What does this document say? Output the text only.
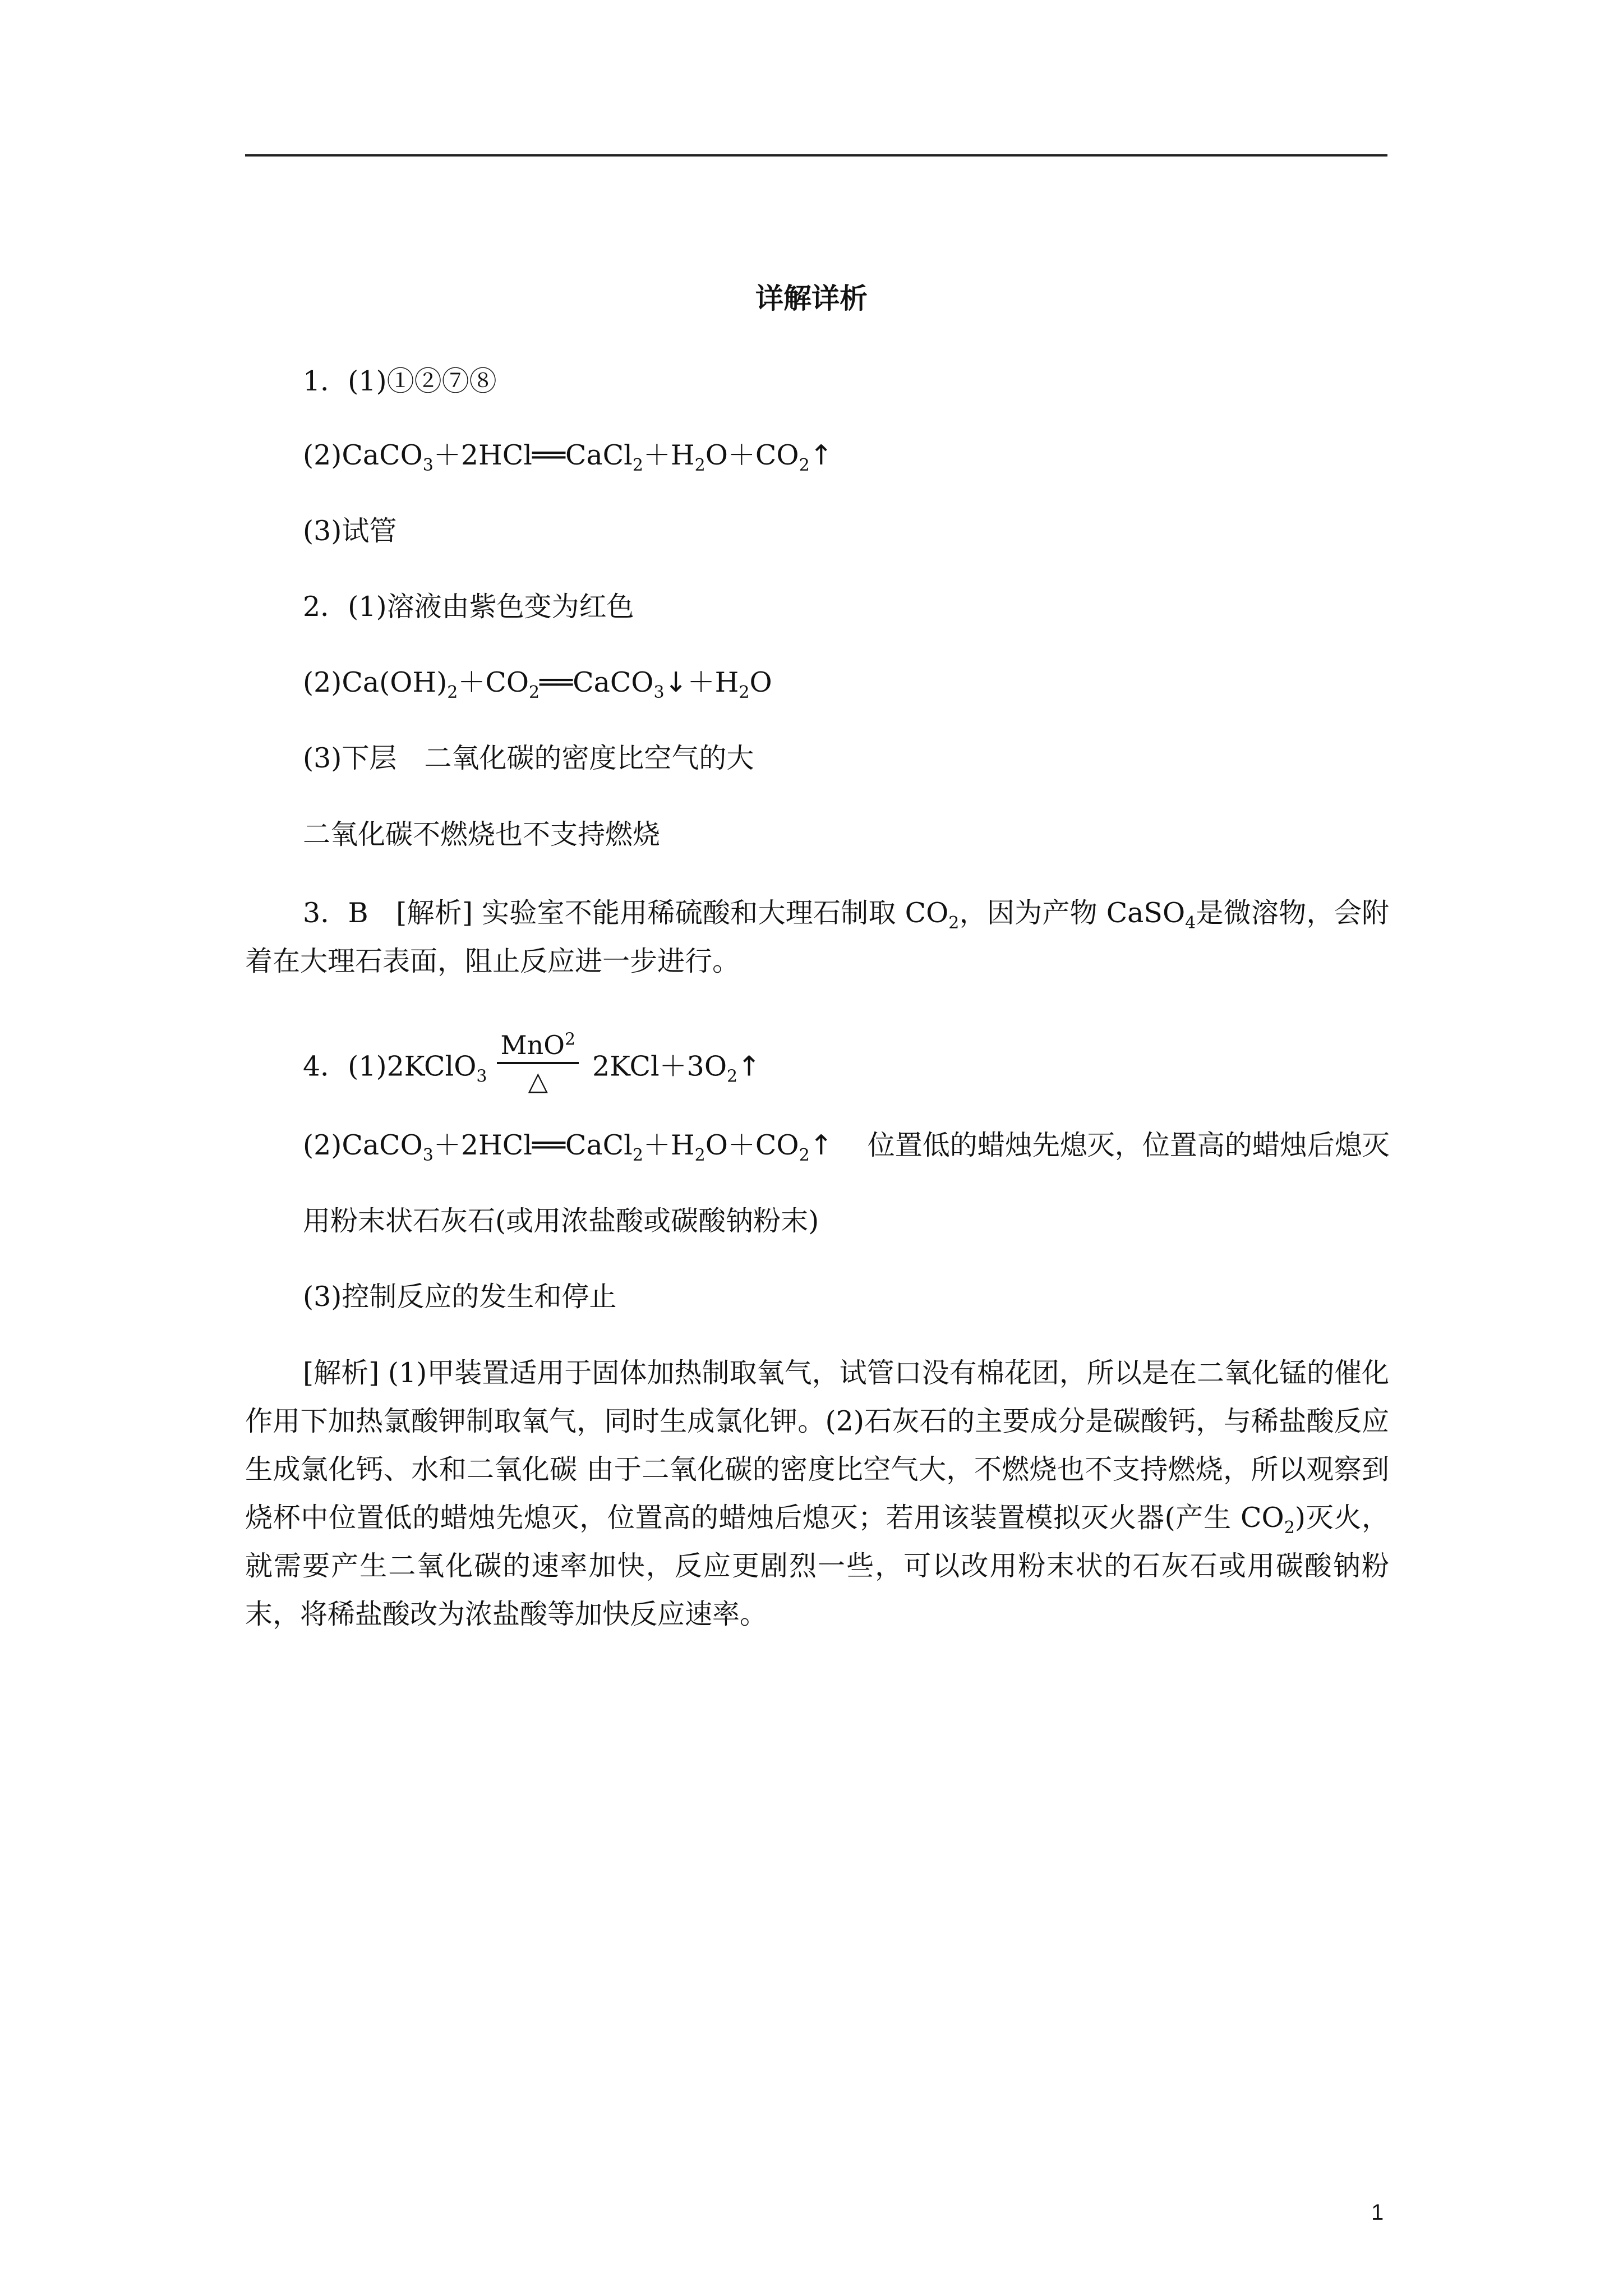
详解详析
1．(1)①②⑦⑧
$(2)CaCO_3+2HCl══CaCl_2+H_2O+CO_2↑$
(3)试管
2．(1)溶液由紫色变为红色
$(2)Ca(OH)_2+CO_2══CaCO_3↓+H_2O$
(3)下层　二氧化碳的密度比空气的大
二氧化碳不燃烧也不支持燃烧
3．B　[解析] 实验室不能用稀硫酸和大理石制取 $CO_2$，因为产物 CaSO$_4$是微溶物，会附着在大理石表面，阻止反应进一步进行。
4．(1)2KClO$_3$ $\frac{MnO^2}{\triangle}$ $2KCl+3O_2↑$
$(2)CaCO_3+2HCl══CaCl_2+H_2O+CO_2↑$ 位置低的蜡烛先熄灭，位置高的蜡烛后熄灭
用粉末状石灰石(或用浓盐酸或碳酸钠粉末)
(3)控制反应的发生和停止
[解析] (1)甲装置适用于固体加热制取氧气，试管口没有棉花团，所以是在二氧化锰的催化作用下加热氯酸钾制取氧气，同时生成氯化钾。(2)石灰石的主要成分是碳酸钙，与稀盐酸反应生成氯化钙、水和二氧化碳 由于二氧化碳的密度比空气大，不燃烧也不支持燃烧，所以观察到烧杯中位置低的蜡烛先熄灭，位置高的蜡烛后熄灭；若用该装置模拟灭火器(产生 $CO_2$)灭火，就需要产生二氧化碳的速率加快，反应更剧烈一些，可以改用粉末状的石灰石或用碳酸钠粉末，将稀盐酸改为浓盐酸等加快反应速率。
1
